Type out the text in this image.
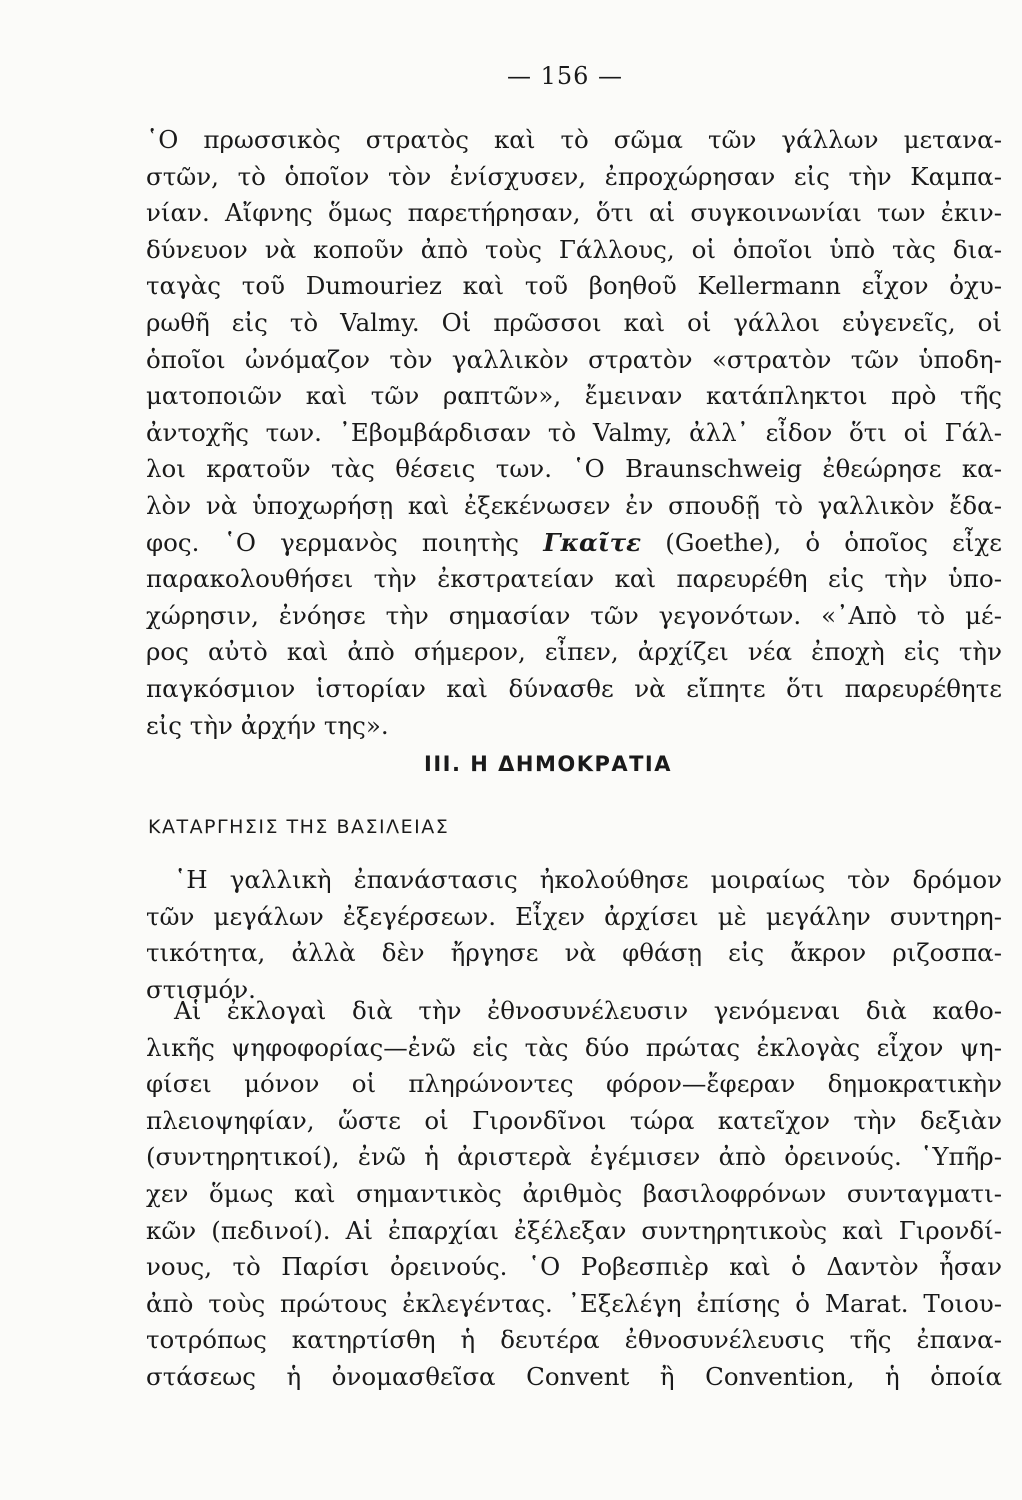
— 156 —
῾Ο πρωσσικὸς στρατὸς καὶ τὸ σῶμα τῶν γάλλων μετανα-
στῶν, τὸ ὁποῖον τὸν ἐνίσχυσεν, ἐπροχώρησαν εἰς τὴν Καμπα-
νίαν. Αἴφνης ὅμως παρετήρησαν, ὅτι αἱ συγκοινωνίαι των ἐκιν-
δύνευον νὰ κοποῦν ἀπὸ τοὺς Γάλλους, οἱ ὁποῖοι ὑπὸ τὰς δια-
ταγὰς τοῦ Dumouriez καὶ τοῦ βοηθοῦ Kellermann εἶχον ὀχυ-
ρωθῆ εἰς τὸ Valmy. Οἱ πρῶσσοι καὶ οἱ γάλλοι εὐγενεῖς, οἱ
ὁποῖοι ὠνόμαζον τὸν γαλλικὸν στρατὸν «στρατὸν τῶν ὑποδη-
ματοποιῶν καὶ τῶν ραπτῶν», ἔμειναν κατάπληκτοι πρὸ τῆς
ἀντοχῆς των. ᾿Εβομβάρδισαν τὸ Valmy, ἀλλ᾿ εἶδον ὅτι οἱ Γάλ-
λοι κρατοῦν τὰς θέσεις των. ῾Ο Braunschweig ἐθεώρησε κα-
λὸν νὰ ὑποχωρήσῃ καὶ ἐξεκένωσεν ἐν σπουδῇ τὸ γαλλικὸν ἔδα-
φος. ῾Ο γερμανὸς ποιητὴς Γκαῖτε (Goethe), ὁ ὁποῖος εἶχε
παρακολουθήσει τὴν ἐκστρατείαν καὶ παρευρέθη εἰς τὴν ὑπο-
χώρησιν, ἐνόησε τὴν σημασίαν τῶν γεγονότων. «᾿Απὸ τὸ μέ-
ρος αὐτὸ καὶ ἀπὸ σήμερον, εἶπεν, ἀρχίζει νέα ἐποχὴ εἰς τὴν
παγκόσμιον ἱστορίαν καὶ δύνασθε νὰ εἴπητε ὅτι παρευρέθητε
εἰς τὴν ἀρχήν της».
III. Η ΔΗΜΟΚΡΑΤΙΑ
ΚΑΤΑΡΓΗΣΙΣ ΤΗΣ ΒΑΣΙΛΕΙΑΣ
῾Η γαλλικὴ ἐπανάστασις ἠκολούθησε μοιραίως τὸν δρόμον
τῶν μεγάλων ἐξεγέρσεων. Εἶχεν ἀρχίσει μὲ μεγάλην συντηρη-
τικότητα, ἀλλὰ δὲν ἤργησε νὰ φθάσῃ εἰς ἄκρον ριζοσπα-
στισμόν.
Αἱ ἐκλογαὶ διὰ τὴν ἐθνοσυνέλευσιν γενόμεναι διὰ καθο-
λικῆς ψηφοφορίας—ἐνῶ εἰς τὰς δύο πρώτας ἐκλογὰς εἶχον ψη-
φίσει μόνον οἱ πληρώνοντες φόρον—ἔφεραν δημοκρατικὴν
πλειοψηφίαν, ὥστε οἱ Γιρονδῖνοι τώρα κατεῖχον τὴν δεξιὰν
(συντηρητικοί), ἐνῶ ἡ ἀριστερὰ ἐγέμισεν ἀπὸ ὀρεινούς. ῾Υπῆρ-
χεν ὅμως καὶ σημαντικὸς ἀριθμὸς βασιλοφρόνων συνταγματι-
κῶν (πεδινοί). Αἱ ἐπαρχίαι ἐξέλεξαν συντηρητικοὺς καὶ Γιρονδί-
νους, τὸ Παρίσι ὀρεινούς. ῾Ο Ροβεσπιὲρ καὶ ὁ Δαντὸν ἦσαν
ἀπὸ τοὺς πρώτους ἐκλεγέντας. ᾿Εξελέγη ἐπίσης ὁ Marat. Τοιου-
τοτρόπως κατηρτίσθη ἡ δευτέρα ἐθνοσυνέλευσις τῆς ἐπανα-
στάσεως ἡ ὀνομασθεῖσα Convent ἢ Convention, ἡ ὁποία
